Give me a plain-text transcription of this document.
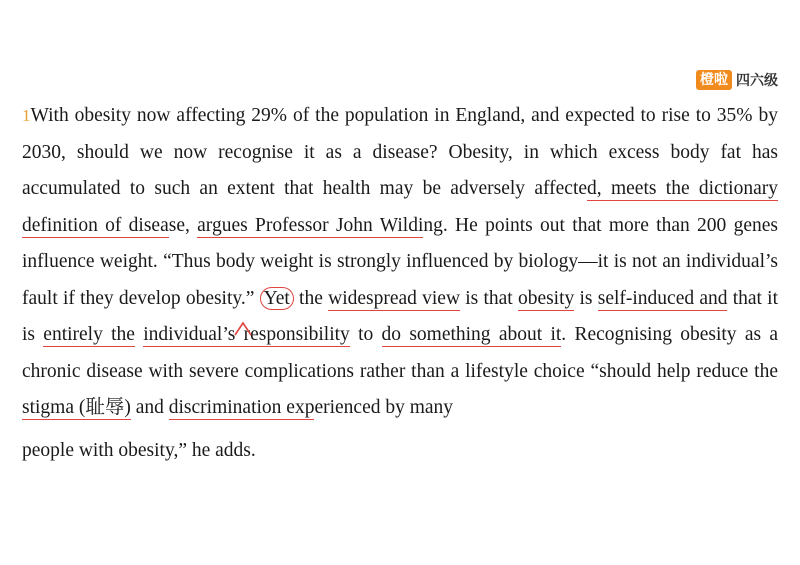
橙啦 四六级
1With obesity now affecting 29% of the population in England, and expected to rise to 35% by 2030, should we now recognise it as a disease? Obesity, in which excess body fat has accumulated to such an extent that health may be adversely affected, meets the dictionary definition of disease, argues Professor John Wilding. He points out that more than 200 genes influence weight. “Thus body weight is strongly influenced by biology—it is not an individual’s fault if they develop obesity.” Yet the widespread view is that obesity is self-induced and that it is entirely the individual’s responsibility to do something about it. Recognising obesity as a chronic disease with severe complications rather than a lifestyle choice “should help reduce the stigma (耻辱) and discrimination experienced by many
people with obesity,” he adds.
